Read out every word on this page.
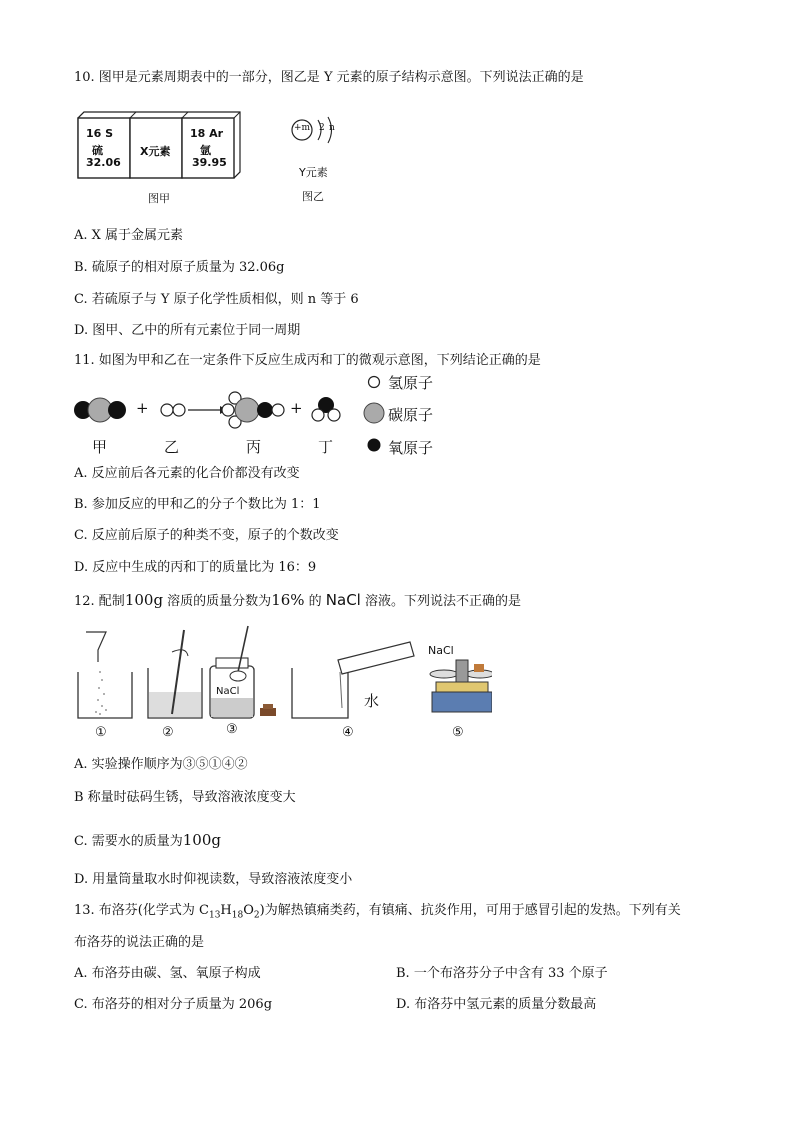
10. 图甲是元素周期表中的一部分，图乙是 Y 元素的原子结构示意图。下列说法正确的是
16 S
硫
32.06
X元素
18 Ar
氩
39.95
图甲
+m 2 n
Y元素
图乙
A. X 属于金属元素
B. 硫原子的相对原子质量为 32.06g
C. 若硫原子与 Y 原子化学性质相似，则 n 等于 6
D. 图甲、乙中的所有元素位于同一周期
11. 如图为甲和乙在一定条件下反应生成丙和丁的微观示意图，下列结论正确的是
+	+
甲	乙	丙	丁
氢原子
碳原子
氧原子
A. 反应前后各元素的化合价都没有改变
B. 参加反应的甲和乙的分子个数比为 1：1
C. 反应前后原子的种类不变，原子的个数改变
D. 反应中生成的丙和丁的质量比为 16：9
12. 配制100g 溶质的质量分数为16% 的 NaCl 溶液。下列说法不正确的是
NaCl
水
NaCl
①	②	③	④	⑤
A. 实验操作顺序为③⑤①④②
B 称量时砝码生锈，导致溶液浓度变大
C. 需要水的质量为100g
D. 用量筒量取水时仰视读数，导致溶液浓度变小
13. 布洛芬(化学式为 $C_{13}H_{18}O_2$)为解热镇痛类药，有镇痛、抗炎作用，可用于感冒引起的发热。下列有关
布洛芬的说法正确的是
A. 布洛芬由碳、氢、氧原子构成	B. 一个布洛芬分子中含有 33 个原子
C. 布洛芬的相对分子质量为 206g	D. 布洛芬中氢元素的质量分数最高
